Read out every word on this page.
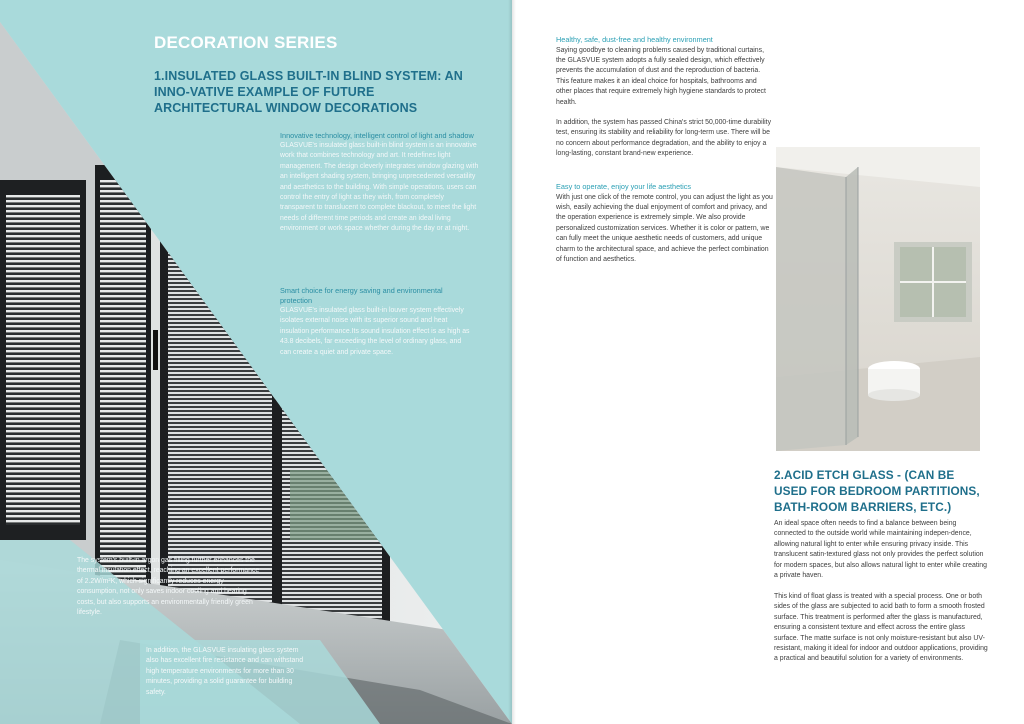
DECORATION SERIES
1.INSULATED GLASS BUILT-IN BLIND SYSTEM: AN INNO-VATIVE EXAMPLE OF FUTURE ARCHITECTURAL WINDOW DECORATIONS
Innovative technology, intelligent control of light and shadow

GLASVUE's insulated glass built-in blind system is an innovative work that combines technology and art. It redefines light management. The design cleverly integrates window glazing with an intelligent shading system, bringing unprecedented versatility and aesthetics to the building. With simple operations, users can control the entry of light as they wish, from completely transparent to translucent to complete blackout, to meet the light needs of different time periods and create an ideal living environment or work space whether during the day or at night.

Smart choice for energy saving and environmental protection

GLASVUE's insulated glass built-in louver system effectively isolates external noise with its superior sound and heat insulation performance.Its sound insulation effect is as high as 43.8 decibels, far exceeding the level of ordinary glass, and can create a quiet and private space.

The system's built-in argon gas filling further enhances the thermal insulation effect, reaching an excellent performance of 2.2W/m²K, which significantly reduces energy consumption, not only saves indoor cooling and heating costs, but also supports an environmentally friendly green lifestyle.

In addition, the GLASVUE insulating glass system also has excellent fire resistance and can withstand high temperature environments for more than 30 minutes, providing a solid guarantee for building safety.

Healthy, safe, dust-free and healthy environment

Saying goodbye to cleaning problems caused by traditional curtains, the GLASVUE system adopts a fully sealed design, which effectively prevents the accumulation of dust and the reproduction of bacteria. This feature makes it an ideal choice for hospitals, bathrooms and other places that require extremely high hygiene standards to protect health.

In addition, the system has passed China's strict 50,000-time durability test, ensuring its stability and reliability for long-term use. There will be no concern about performance degradation, and the ability to enjoy a long-lasting, constant brand-new experience.

Easy to operate, enjoy your life aesthetics

With just one click of the remote control, you can adjust the light as you wish, easily achieving the dual enjoyment of comfort and privacy, and the operation experience is extremely simple. We also provide personalized customization services. Whether it is color or pattern, we can fully meet the unique aesthetic needs of customers, add unique charm to the architectural space, and achieve the perfect combination of function and aesthetics.

2.ACID ETCH GLASS - (CAN BE USED FOR BEDROOM PARTITIONS, BATH-ROOM BARRIERS, ETC.)

An ideal space often needs to find a balance between being connected to the outside world while maintaining indepen-dence, allowing natural light to enter while ensuring privacy inside. This translucent satin-textured glass not only provides the perfect solution for modern spaces, but also allows natural light to enter while creating a private haven.

This kind of float glass is treated with a special process. One or both sides of the glass are subjected to acid bath to form a smooth frosted surface. This treatment is performed after the glass is manufactured, ensuring a consistent texture and effect across the entire glass surface. The matte surface is not only moisture-resistant but also UV-resistant, making it ideal for indoor and outdoor applications, providing a practical and beautiful solution for a variety of environments.
